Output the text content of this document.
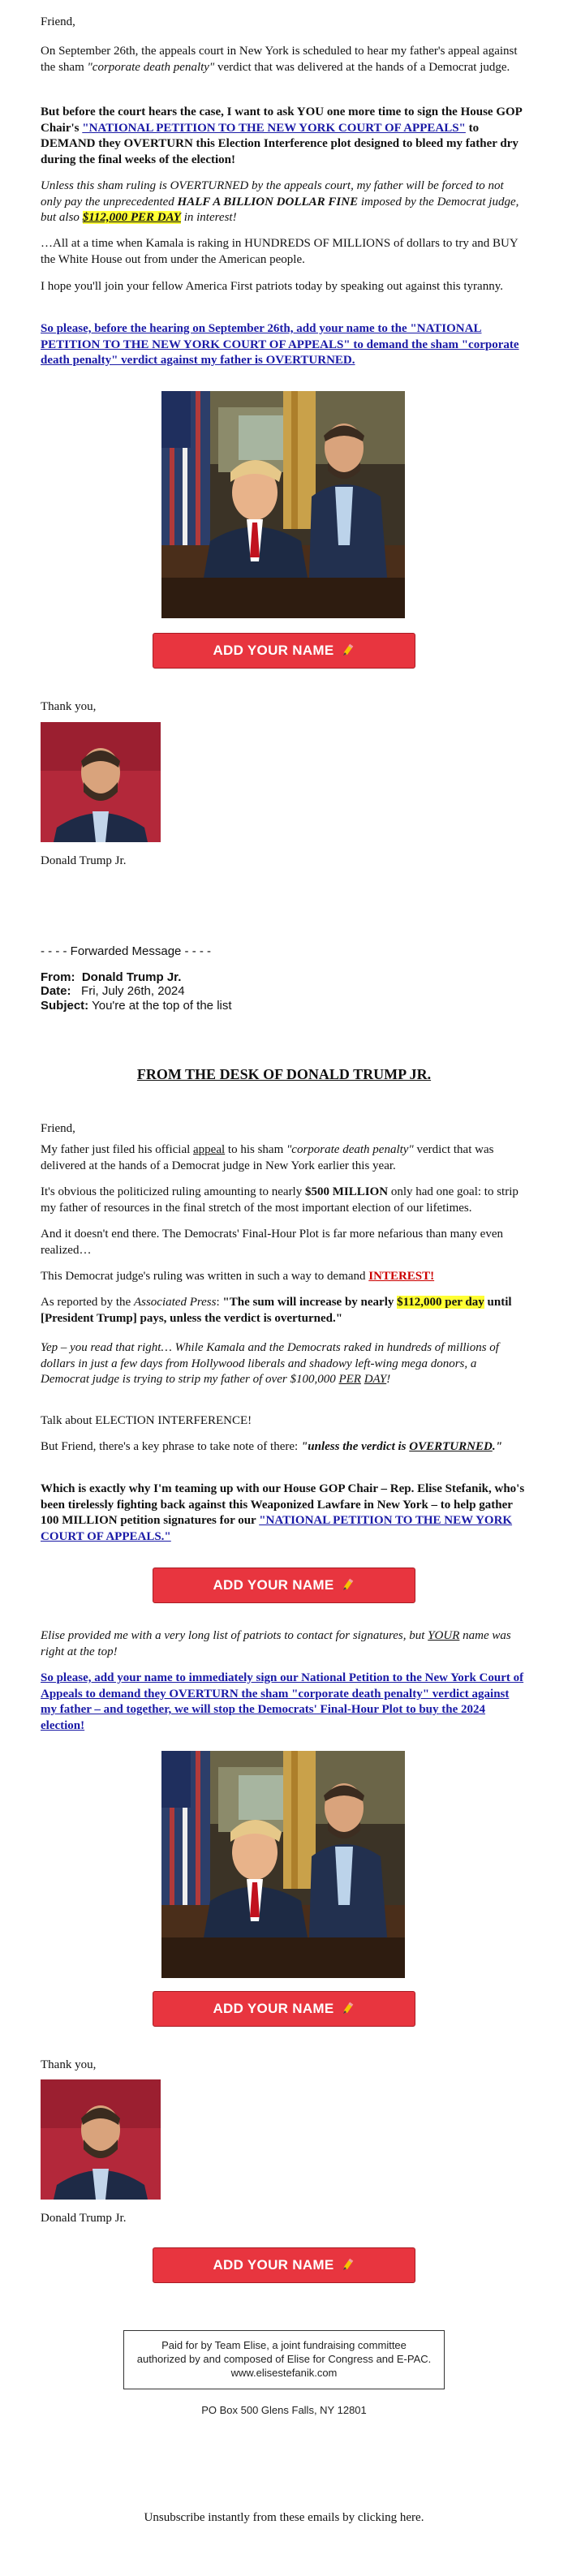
Friend,

On September 26th, the appeals court in New York is scheduled to hear my father's appeal against the sham "corporate death penalty" verdict that was delivered at the hands of a Democrat judge.

But before the court hears the case, I want to ask YOU one more time to sign the House GOP Chair's "NATIONAL PETITION TO THE NEW YORK COURT OF APPEALS" to DEMAND they OVERTURN this Election Interference plot designed to bleed my father dry during the final weeks of the election!

Unless this sham ruling is OVERTURNED by the appeals court, my father will be forced to not only pay the unprecedented HALF A BILLION DOLLAR FINE imposed by the Democrat judge, but also $112,000 PER DAY in interest!

…All at a time when Kamala is raking in HUNDREDS OF MILLIONS of dollars to try and BUY the White House out from under the American people.

I hope you'll join your fellow America First patriots today by speaking out against this tyranny.

So please, before the hearing on September 26th, add your name to the "NATIONAL PETITION TO THE NEW YORK COURT OF APPEALS" to demand the sham "corporate death penalty" verdict against my father is OVERTURNED.

ADD YOUR NAME

Thank you,

Donald Trump Jr.

- - - - Forwarded Message - - - -

From: Donald Trump Jr.
Date: Fri, July 26th, 2024
Subject: You're at the top of the list

FROM THE DESK OF DONALD TRUMP JR.

Friend,

My father just filed his official appeal to his sham "corporate death penalty" verdict that was delivered at the hands of a Democrat judge in New York earlier this year.

It's obvious the politicized ruling amounting to nearly $500 MILLION only had one goal: to strip my father of resources in the final stretch of the most important election of our lifetimes.

And it doesn't end there. The Democrats' Final-Hour Plot is far more nefarious than many even realized…

This Democrat judge's ruling was written in such a way to demand INTEREST!

As reported by the Associated Press: "The sum will increase by nearly $112,000 per day until [President Trump] pays, unless the verdict is overturned."

Yep – you read that right… While Kamala and the Democrats raked in hundreds of millions of dollars in just a few days from Hollywood liberals and shadowy left-wing mega donors, a Democrat judge is trying to strip my father of over $100,000 PER DAY!

Talk about ELECTION INTERFERENCE!

But Friend, there's a key phrase to take note of there: "unless the verdict is OVERTURNED."

Which is exactly why I'm teaming up with our House GOP Chair – Rep. Elise Stefanik, who's been tirelessly fighting back against this Weaponized Lawfare in New York – to help gather 100 MILLION petition signatures for our "NATIONAL PETITION TO THE NEW YORK COURT OF APPEALS."

ADD YOUR NAME

Elise provided me with a very long list of patriots to contact for signatures, but YOUR name was right at the top!

So please, add your name to immediately sign our National Petition to the New York Court of Appeals to demand they OVERTURN the sham "corporate death penalty" verdict against my father – and together, we will stop the Democrats' Final-Hour Plot to buy the 2024 election!

ADD YOUR NAME

Thank you,

Donald Trump Jr.

ADD YOUR NAME
Paid for by Team Elise, a joint fundraising committee authorized by and composed of Elise for Congress and E-PAC. www.elisestefanik.com

PO Box 500 Glens Falls, NY 12801

Unsubscribe instantly from these emails by clicking here.
